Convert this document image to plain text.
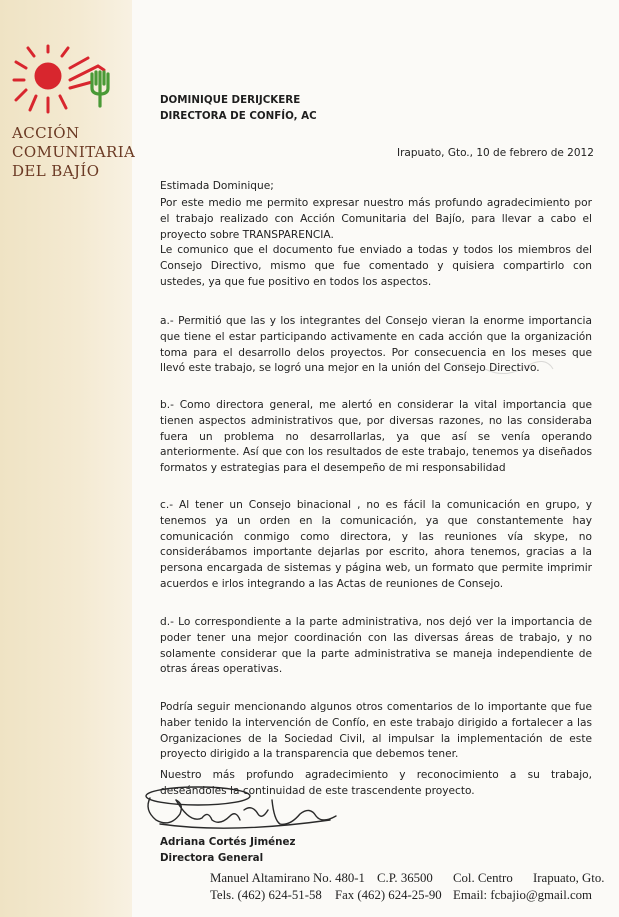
ACCIÓN
COMUNITARIA
DEL BAJÍO
DOMINIQUE DERIJCKERE
DIRECTORA DE CONFÍO, AC
Irapuato, Gto., 10 de febrero de 2012
Estimada Dominique;
Por este medio me permito expresar nuestro más profundo agradecimiento por el trabajo realizado con Acción Comunitaria del Bajío, para llevar a cabo el proyecto sobre TRANSPARENCIA.
Le comunico que el documento fue enviado a todas y todos los miembros del Consejo Directivo, mismo que fue comentado y quisiera compartirlo con ustedes, ya que fue positivo en todos los aspectos.
a.- Permitió que las y los integrantes del Consejo vieran la enorme importancia que tiene el estar participando activamente en cada acción que la organización toma para el desarrollo delos proyectos. Por consecuencia en los meses que llevó este trabajo, se logró una mejor en la unión del Consejo Directivo.
b.- Como directora general, me alertó en considerar la vital importancia que tienen aspectos administrativos que, por diversas razones, no las consideraba fuera un problema no desarrollarlas, ya que así se venía operando anteriormente. Así que con los resultados de este trabajo, tenemos ya diseñados formatos y estrategias para el desempeño de mi responsabilidad
c.- Al tener un Consejo binacional , no es fácil la comunicación en grupo, y tenemos ya un orden en la comunicación, ya que constantemente hay comunicación conmigo como directora, y las reuniones vía skype, no considerábamos importante dejarlas por escrito, ahora tenemos, gracias a la persona encargada de sistemas y página web, un formato que permite imprimir acuerdos e irlos integrando a las Actas de reuniones de Consejo.
d.- Lo correspondiente a la parte administrativa, nos dejó ver la importancia de poder tener una mejor coordinación con las diversas áreas de trabajo, y no solamente considerar que la parte administrativa se maneja independiente de otras áreas operativas.
Podría seguir mencionando algunos otros comentarios de lo importante que fue haber tenido la intervención de Confío, en este trabajo dirigido a fortalecer a las Organizaciones de la Sociedad Civil, al impulsar la implementación de este proyecto dirigido a la transparencia que debemos tener.
Nuestro más profundo agradecimiento y reconocimiento a su trabajo, deseándoles la continuidad de este trascendente proyecto.
Adriana Cortés Jiménez
Directora General
Manuel Altamirano No. 480-1 C.P. 36500 Col. Centro Irapuato, Gto.
Tels. (462) 624-51-58 Fax (462) 624-25-90 Email: fcbajio@gmail.com
